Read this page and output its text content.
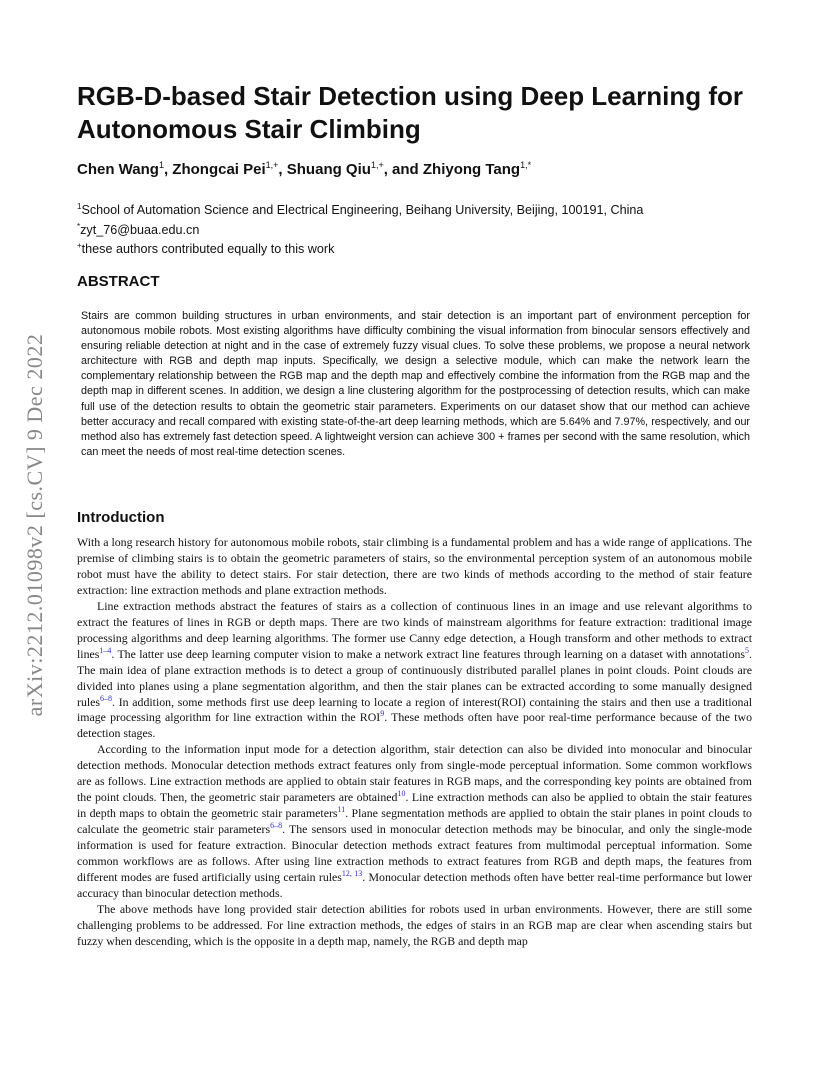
arXiv:2212.01098v2 [cs.CV] 9 Dec 2022
RGB-D-based Stair Detection using Deep Learning for Autonomous Stair Climbing
Chen Wang$^1$, Zhongcai Pei$^{1,+}$, Shuang Qiu$^{1,+}$, and Zhiyong Tang$^{1,*}$
$^1$School of Automation Science and Electrical Engineering, Beihang University, Beijing, 100191, China
*zyt_76@buaa.edu.cn
+these authors contributed equally to this work
ABSTRACT

Stairs are common building structures in urban environments, and stair detection is an important part of environment perception for autonomous mobile robots. Most existing algorithms have difficulty combining the visual information from binocular sensors effectively and ensuring reliable detection at night and in the case of extremely fuzzy visual clues. To solve these problems, we propose a neural network architecture with RGB and depth map inputs. Specifically, we design a selective module, which can make the network learn the complementary relationship between the RGB map and the depth map and effectively combine the information from the RGB map and the depth map in different scenes. In addition, we design a line clustering algorithm for the postprocessing of detection results, which can make full use of the detection results to obtain the geometric stair parameters. Experiments on our dataset show that our method can achieve better accuracy and recall compared with existing state-of-the-art deep learning methods, which are 5.64% and 7.97%, respectively, and our method also has extremely fast detection speed. A lightweight version can achieve 300 + frames per second with the same resolution, which can meet the needs of most real-time detection scenes.

Introduction

With a long research history for autonomous mobile robots, stair climbing is a fundamental problem and has a wide range of applications. The premise of climbing stairs is to obtain the geometric parameters of stairs, so the environmental perception system of an autonomous mobile robot must have the ability to detect stairs. For stair detection, there are two kinds of methods according to the method of stair feature extraction: line extraction methods and plane extraction methods.

Line extraction methods abstract the features of stairs as a collection of continuous lines in an image and use relevant algorithms to extract the features of lines in RGB or depth maps. There are two kinds of mainstream algorithms for feature extraction: traditional image processing algorithms and deep learning algorithms. The former use Canny edge detection, a Hough transform and other methods to extract lines$^{1-4}$. The latter use deep learning computer vision to make a network extract line features through learning on a dataset with annotations$^5$. The main idea of plane extraction methods is to detect a group of continuously distributed parallel planes in point clouds. Point clouds are divided into planes using a plane segmentation algorithm, and then the stair planes can be extracted according to some manually designed rules$^{6-8}$. In addition, some methods first use deep learning to locate a region of interest(ROI) containing the stairs and then use a traditional image processing algorithm for line extraction within the ROI$^9$. These methods often have poor real-time performance because of the two detection stages.

According to the information input mode for a detection algorithm, stair detection can also be divided into monocular and binocular detection methods. Monocular detection methods extract features only from single-mode perceptual information. Some common workflows are as follows. Line extraction methods are applied to obtain stair features in RGB maps, and the corresponding key points are obtained from the point clouds. Then, the geometric stair parameters are obtained$^{10}$. Line extraction methods can also be applied to obtain the stair features in depth maps to obtain the geometric stair parameters$^{11}$. Plane segmentation methods are applied to obtain the stair planes in point clouds to calculate the geometric stair parameters$^{6-8}$. The sensors used in monocular detection methods may be binocular, and only the single-mode information is used for feature extraction. Binocular detection methods extract features from multimodal perceptual information. Some common workflows are as follows. After using line extraction methods to extract features from RGB and depth maps, the features from different modes are fused artificially using certain rules$^{12, 13}$. Monocular detection methods often have better real-time performance but lower accuracy than binocular detection methods.

The above methods have long provided stair detection abilities for robots used in urban environments. However, there are still some challenging problems to be addressed. For line extraction methods, the edges of stairs in an RGB map are clear when ascending stairs but fuzzy when descending, which is the opposite in a depth map, namely, the RGB and depth map
